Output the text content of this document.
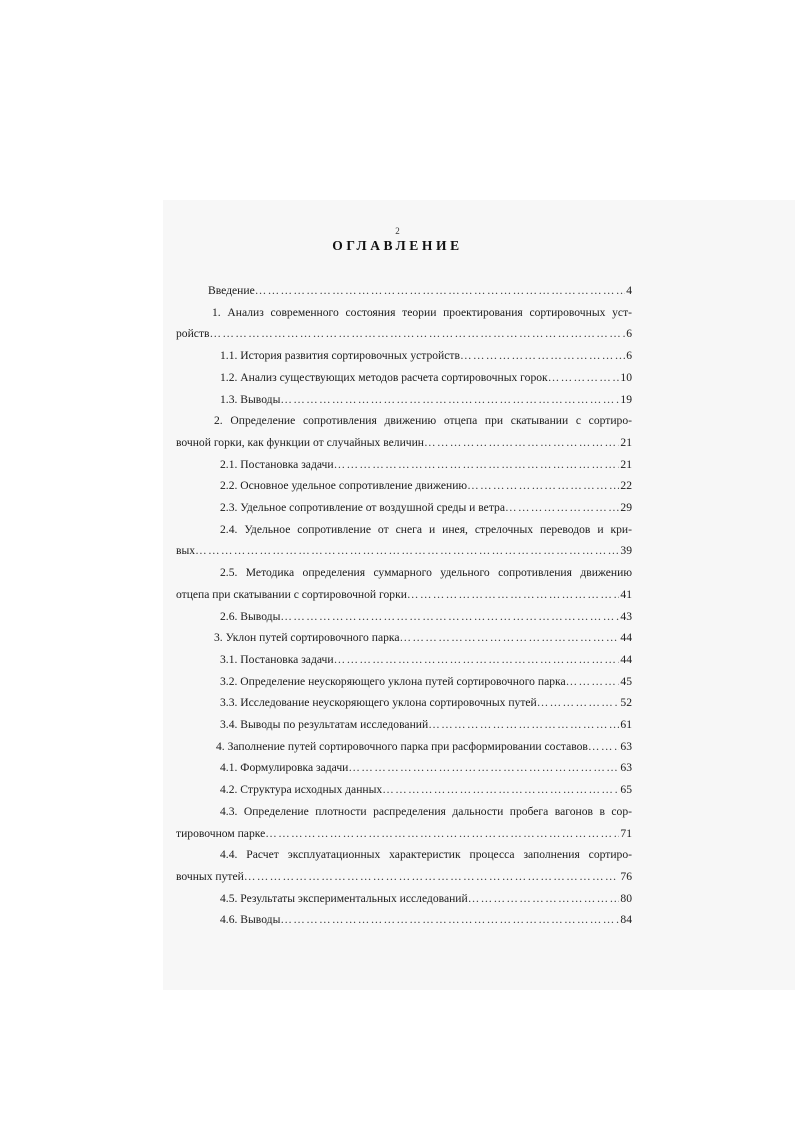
2
ОГЛАВЛЕНИЕ
Введение ………………………………………………………………………………………………………………………………………………………………………	4
1. Анализ современного состояния теории проектирования сортировочных уст-
ройств ………………………………………………………………………………………………………………………………………………………………………	6
1.1. История развития сортировочных устройств ………………………………………………………………………………………………………………………………………………………………………	6
1.2. Анализ существующих методов расчета сортировочных горок ………………………………………………………………………………………………………………………………………………………………………	10
1.3. Выводы ………………………………………………………………………………………………………………………………………………………………………	19
2. Определение сопротивления движению отцепа при скатывании с сортиро-
вочной горки, как функции от случайных величин ………………………………………………………………………………………………………………………………………………………………………	21
2.1. Постановка задачи ………………………………………………………………………………………………………………………………………………………………………	21
2.2. Основное удельное сопротивление движению ………………………………………………………………………………………………………………………………………………………………………	22
2.3. Удельное сопротивление от воздушной среды и ветра ………………………………………………………………………………………………………………………………………………………………………	29
2.4. Удельное сопротивление от снега и инея, стрелочных переводов и кри-
вых ………………………………………………………………………………………………………………………………………………………………………	39
2.5. Методика определения суммарного удельного сопротивления движению
отцепа при скатывании с сортировочной горки ………………………………………………………………………………………………………………………………………………………………………	41
2.6. Выводы ………………………………………………………………………………………………………………………………………………………………………	43
3. Уклон путей сортировочного парка ………………………………………………………………………………………………………………………………………………………………………	44
3.1. Постановка задачи ………………………………………………………………………………………………………………………………………………………………………	44
3.2. Определение неускоряющего уклона путей сортировочного парка ………………………………………………………………………………………………………………………………………………………………………	45
3.3. Исследование неускоряющего уклона сортировочных путей ………………………………………………………………………………………………………………………………………………………………………	52
3.4. Выводы по результатам исследований ………………………………………………………………………………………………………………………………………………………………………	61
4. Заполнение путей сортировочного парка при расформировании составов ………………………………………………………………………………………………………………………………………………………………………	63
4.1. Формулировка задачи ………………………………………………………………………………………………………………………………………………………………………	63
4.2. Структура исходных данных ………………………………………………………………………………………………………………………………………………………………………	65
4.3. Определение плотности распределения дальности пробега вагонов в сор-
тировочном парке ………………………………………………………………………………………………………………………………………………………………………	71
4.4. Расчет эксплуатационных характеристик процесса заполнения сортиро-
вочных путей ………………………………………………………………………………………………………………………………………………………………………	76
4.5. Результаты экспериментальных исследований ………………………………………………………………………………………………………………………………………………………………………	80
4.6. Выводы ………………………………………………………………………………………………………………………………………………………………………	84
